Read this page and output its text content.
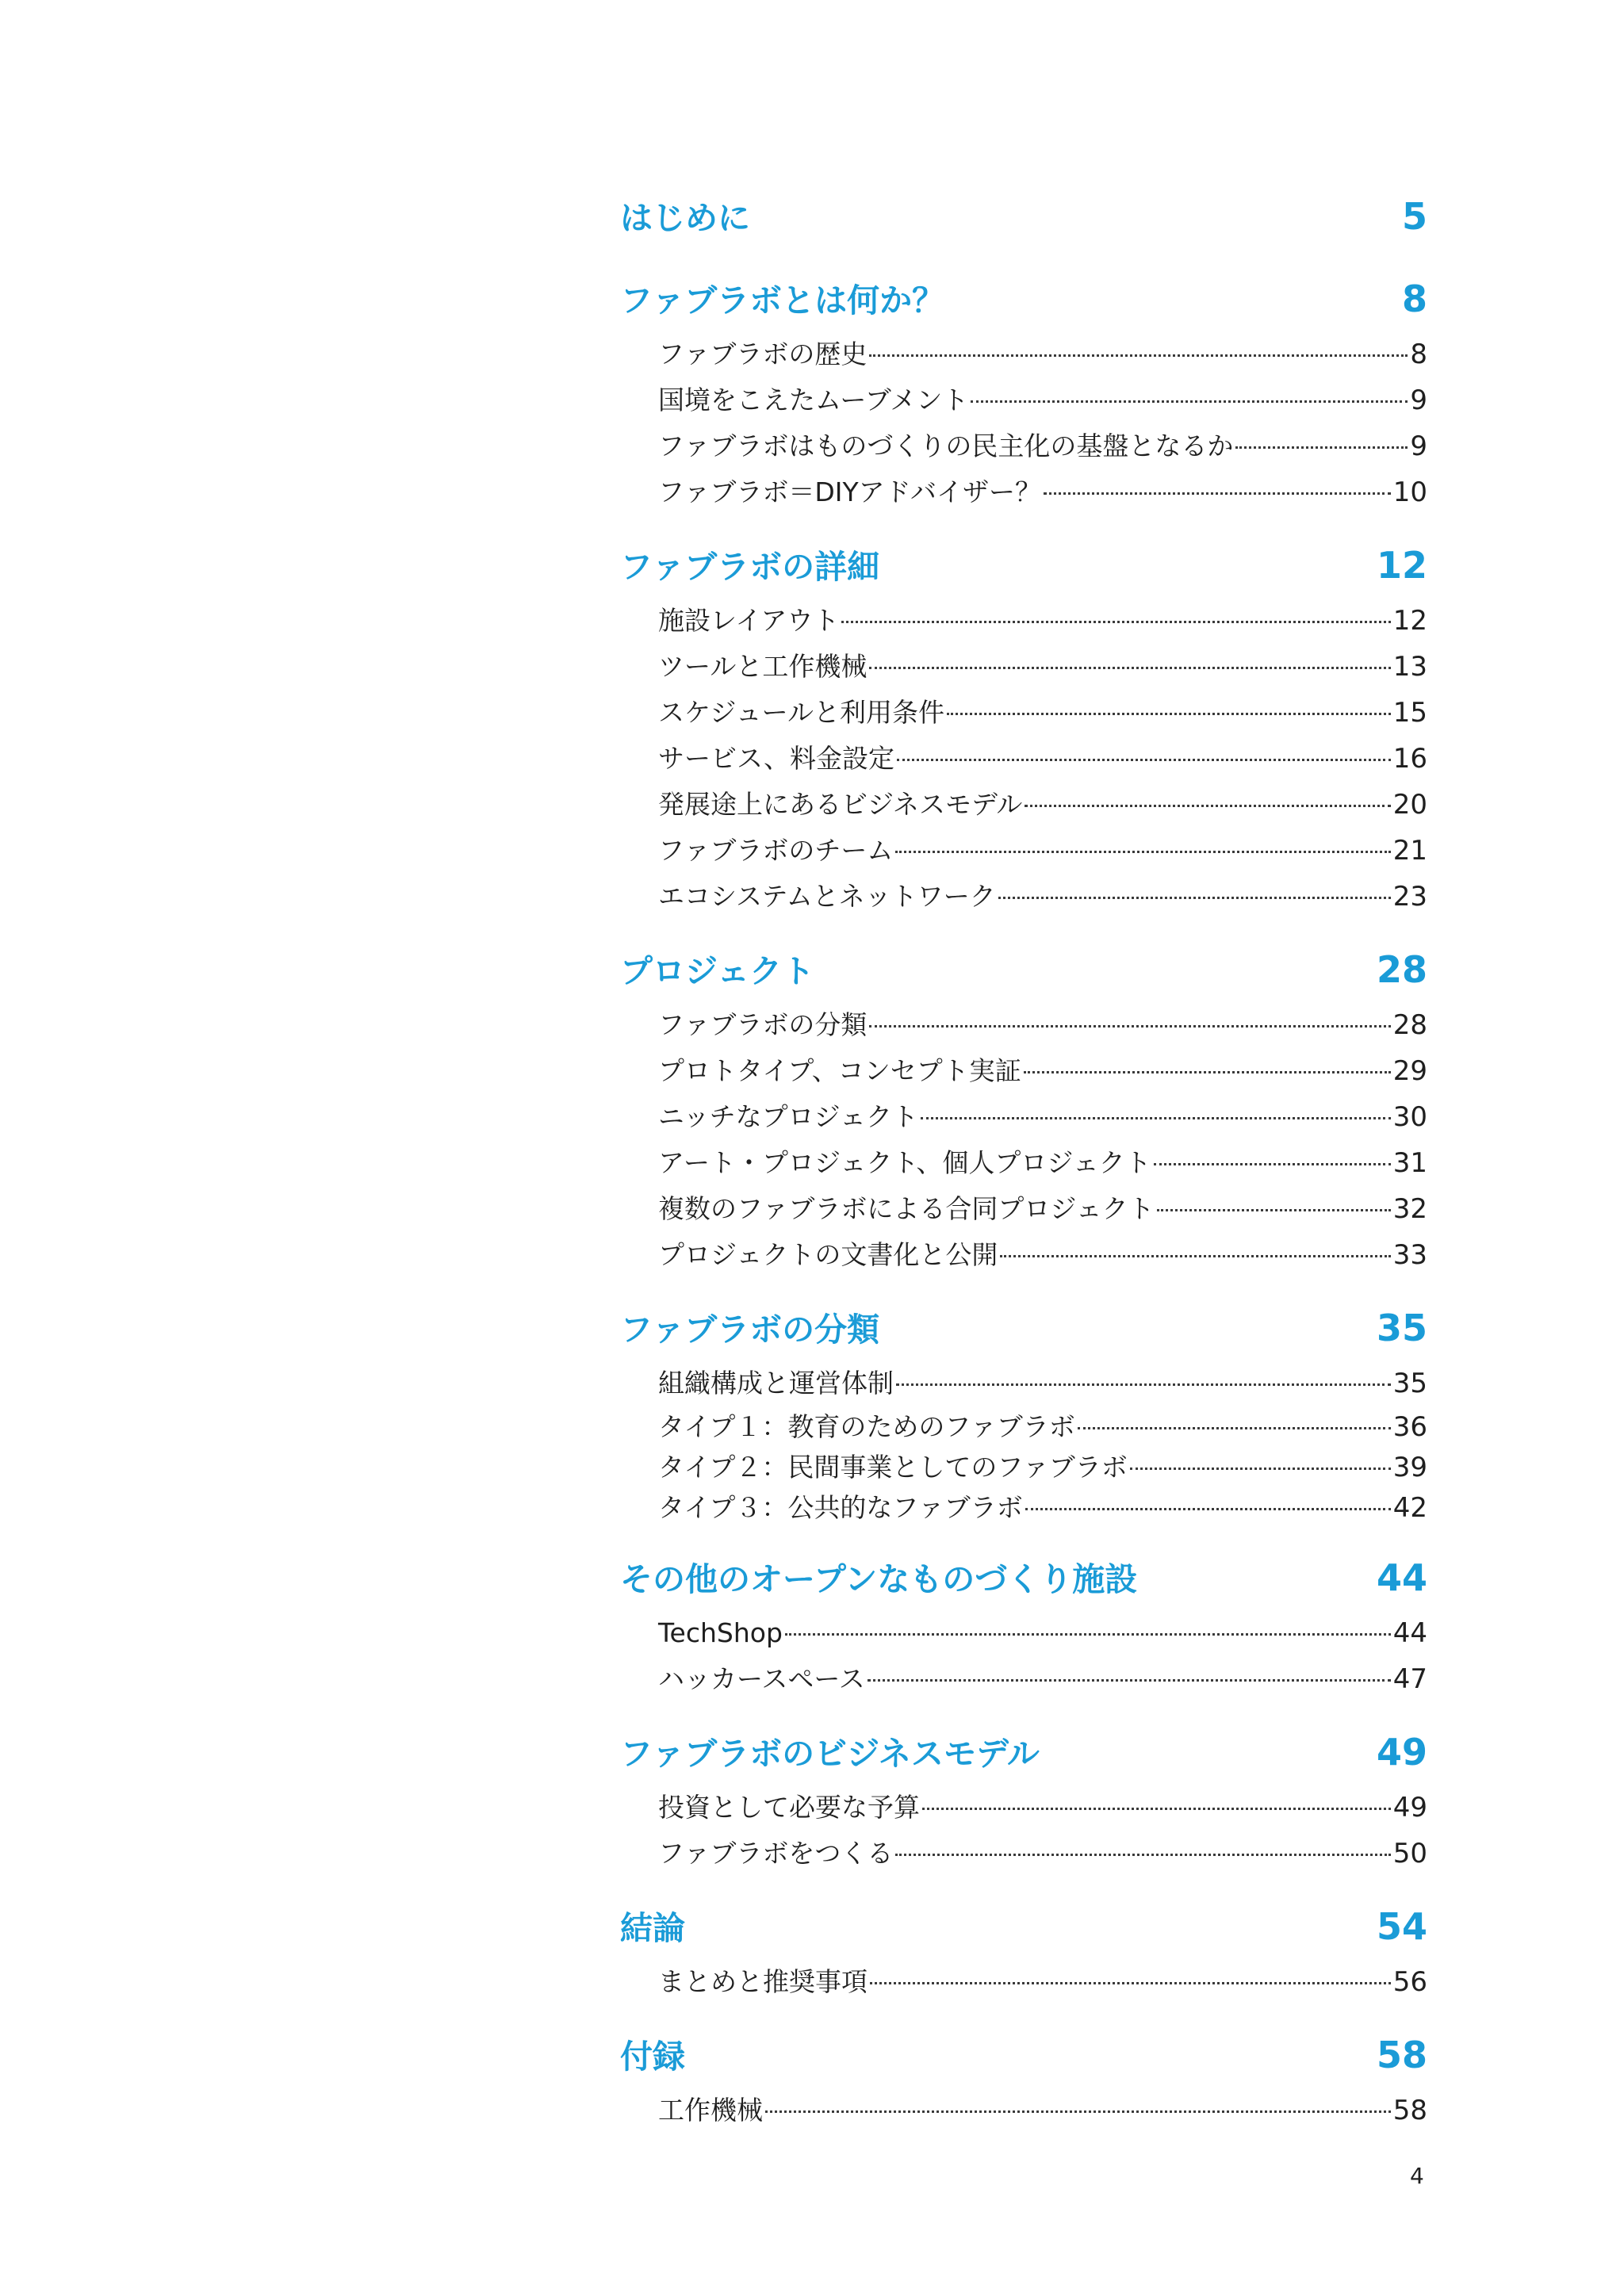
はじめに	5
ファブラボとは何か？	8
ファブラボの歴史	8
国境をこえたムーブメント	9
ファブラボはものづくりの民主化の基盤となるか	9
ファブラボ＝DIYアドバイザー？	10
ファブラボの詳細	12
施設レイアウト	12
ツールと工作機械	13
スケジュールと利用条件	15
サービス、料金設定	16
発展途上にあるビジネスモデル	20
ファブラボのチーム	21
エコシステムとネットワーク	23
プロジェクト	28
ファブラボの分類	28
プロトタイプ、コンセプト実証	29
ニッチなプロジェクト	30
アート・プロジェクト、個人プロジェクト	31
複数のファブラボによる合同プロジェクト	32
プロジェクトの文書化と公開	33
ファブラボの分類	35
組織構成と運営体制	35
タイプ１：教育のためのファブラボ	36
タイプ２：民間事業としてのファブラボ	39
タイプ３：公共的なファブラボ	42
その他のオープンなものづくり施設	44
TechShop	44
ハッカースペース	47
ファブラボのビジネスモデル	49
投資として必要な予算	49
ファブラボをつくる	50
結論	54
まとめと推奨事項	56
付録	58
工作機械	58
4
